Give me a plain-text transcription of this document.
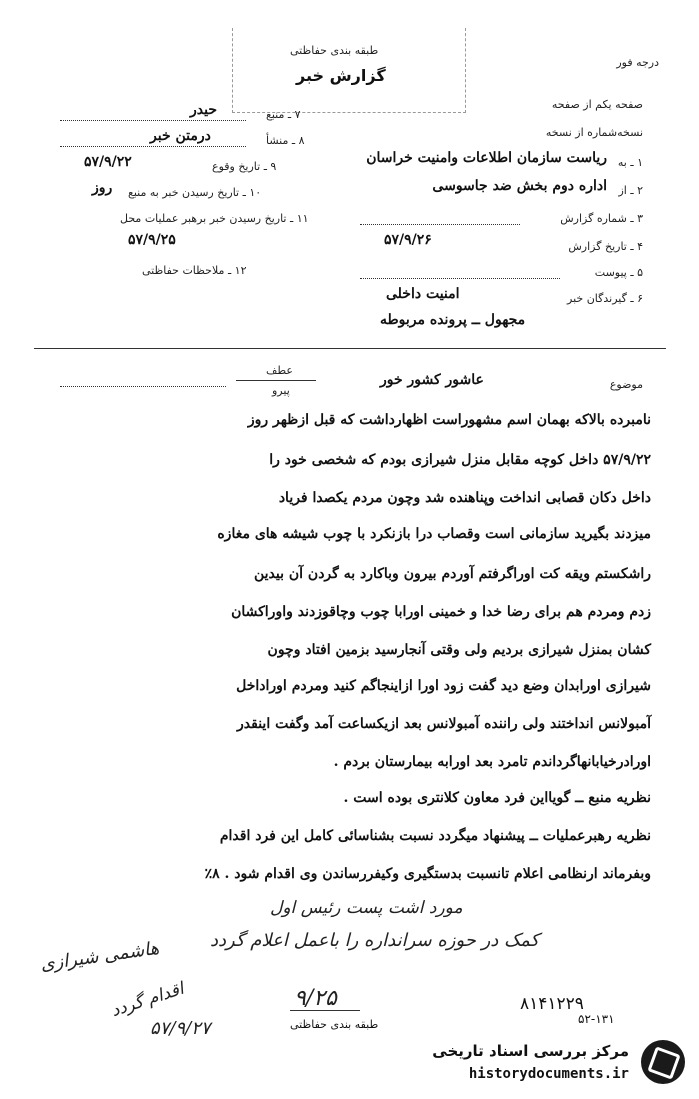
درجه فور
طبقه بندی حفاظتی
گزارش خبر
صفحه یکم از صفحه
نسخه‌شماره از نسخه
۷ ـ منبع
حیدر
۸ ـ منشأ
درمتن خبر
۹ ـ تاریخ وقوع
۵۷/۹/۲۲
۱۰ ـ تاریخ رسیدن خبر به منبع
روز
۱۱ ـ تاریخ رسیدن خبر برهبر عملیات محل
۵۷/۹/۲۵
۱۲ ـ ملاحظات حفاظتی
۱ ـ به
ریاست سازمان اطلاعات وامنیت خراسان
۲ ـ از
اداره دوم بخش ضد جاسوسی
۳ ـ شماره گزارش
۴ ـ تاریخ گزارش
۵۷/۹/۲۶
۵ ـ پیوست
۶ ـ گیرندگان خبر
امنیت داخلی
مجهول ــ پرونده مربوطه
عطف
پیرو	موضوع
عاشور کشور خور
نامبرده بالاکه بهمان اسم مشهوراست اظهارداشت که قبل ازظهر روز
۵۷/۹/۲۲ داخل کوچه مقابل منزل شیرازی بودم که شخصی خود را
داخل دکان قصابی انداخت وپناهنده شد وچون مردم یکصدا فریاد
میزدند بگیرید سازمانی است وقصاب درا بازنکرد با چوب شیشه های مغازه
راشکستم ویقه کت اوراگرفتم آوردم بیرون وباکارد به گردن آن بیدین
زدم ومردم هم برای رضا خدا و خمینی اورابا چوب وچاقوزدند واوراکشان
کشان بمنزل شیرازی بردیم ولی وقتی آنجارسید بزمین افتاد وچون
شیرازی اورابدان وضع دید گفت زود اورا ازاینجاگم کنید ومردم اوراداخل
آمبولانس انداختند ولی راننده آمبولانس بعد ازیکساعت آمد وگفت اینقدر
اورادرخیابانهاگرداندم تامرد بعد اورابه بیمارستان بردم .
نظریه منبع ــ گویااین فرد معاون کلانتری بوده است .
نظریه رهبرعملیات ــ پیشنهاد میگردد نسبت بشناسائی کامل این فرد اقدام
وبفرماند ارنظامی اعلام تانسبت بدستگیری وکیفررساندن وی اقدام شود . ۸٪
مورد اشت پست رئیس اول
کمک در حوزه سرانداره را باعمل اعلام گردد
هاشمی شیرازی
اقدام گردد
۵۷/۹/۲۷
۹/۲۵	۸۱۴۱۲۲۹
۵۲-۱۳۱
طبقه بندی حفاظتی
مرکز بررسی اسناد تاریخی
historydocuments.ir
